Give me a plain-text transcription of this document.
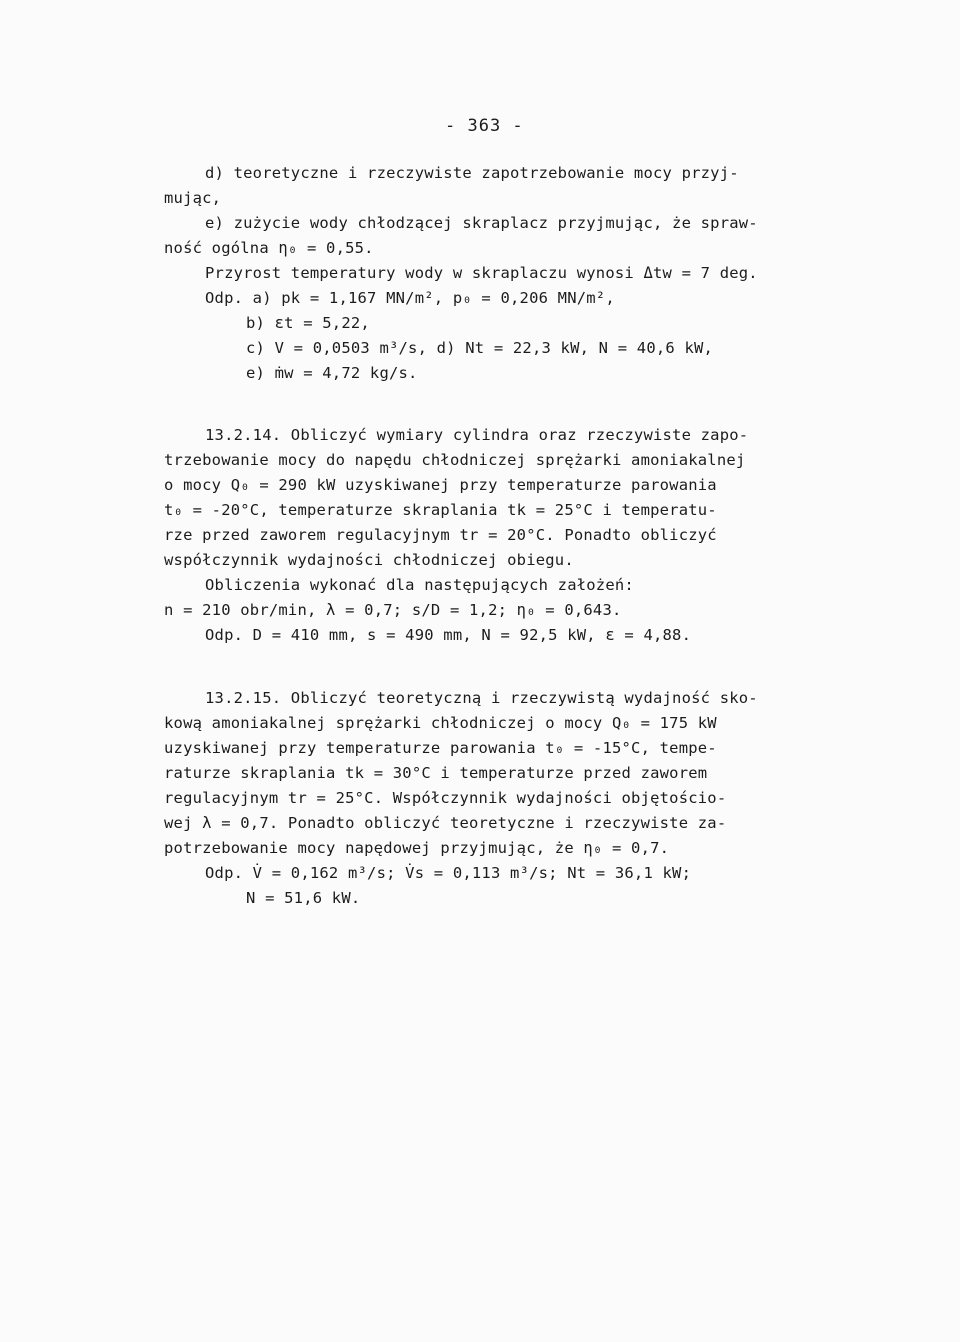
- 363 -
d) teoretyczne i rzeczywiste zapotrzebowanie mocy przyj-
mując,
e) zużycie wody chłodzącej skraplacz przyjmując, że spraw-
ność ogólna η₀ = 0,55.
Przyrost temperatury wody w skraplaczu wynosi Δtw = 7 deg.
Odp. a) pk = 1,167 MN/m², p₀ = 0,206 MN/m²,
b) εt = 5,22,
c) V = 0,0503 m³/s, d) Nt = 22,3 kW, N = 40,6 kW,
e) ṁw = 4,72 kg/s.
13.2.14. Obliczyć wymiary cylindra oraz rzeczywiste zapo-
trzebowanie mocy do napędu chłodniczej sprężarki amoniakalnej
o mocy Q₀ = 290 kW uzyskiwanej przy temperaturze parowania
t₀ = -20°C, temperaturze skraplania tk = 25°C i temperatu-
rze przed zaworem regulacyjnym tr = 20°C. Ponadto obliczyć
współczynnik wydajności chłodniczej obiegu.
Obliczenia wykonać dla następujących założeń:
n = 210 obr/min, λ = 0,7; s/D = 1,2; η₀ = 0,643.
Odp. D = 410 mm, s = 490 mm, N = 92,5 kW, ε = 4,88.
13.2.15. Obliczyć teoretyczną i rzeczywistą wydajność sko-
kową amoniakalnej sprężarki chłodniczej o mocy Q₀ = 175 kW
uzyskiwanej przy temperaturze parowania t₀ = -15°C, tempe-
raturze skraplania tk = 30°C i temperaturze przed zaworem
regulacyjnym tr = 25°C. Współczynnik wydajności objętościo-
wej λ = 0,7. Ponadto obliczyć teoretyczne i rzeczywiste za-
potrzebowanie mocy napędowej przyjmując, że η₀ = 0,7.
Odp. V̇ = 0,162 m³/s; V̇s = 0,113 m³/s; Nt = 36,1 kW;
N = 51,6 kW.
